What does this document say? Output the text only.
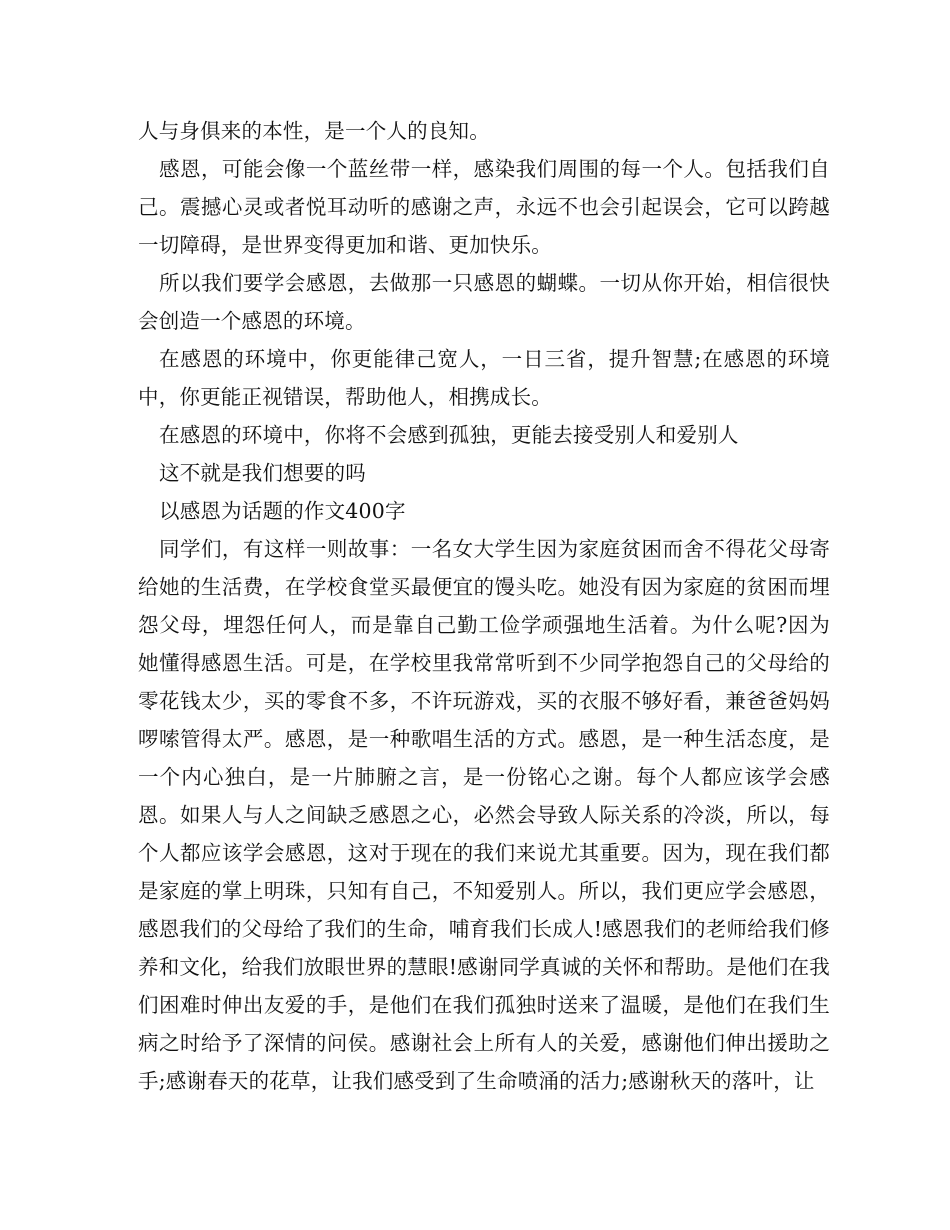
人与身俱来的本性，是一个人的良知。

感恩，可能会像一个蓝丝带一样，感染我们周围的每一个人。包括我们自己。震撼心灵或者悦耳动听的感谢之声，永远不也会引起误会，它可以跨越一切障碍，是世界变得更加和谐、更加快乐。

所以我们要学会感恩，去做那一只感恩的蝴蝶。一切从你开始，相信很快会创造一个感恩的环境。

在感恩的环境中，你更能律己宽人，一日三省，提升智慧;在感恩的环境中，你更能正视错误，帮助他人，相携成长。

在感恩的环境中，你将不会感到孤独，更能去接受别人和爱别人

这不就是我们想要的吗

以感恩为话题的作文400字

同学们，有这样一则故事：一名女大学生因为家庭贫困而舍不得花父母寄给她的生活费，在学校食堂买最便宜的馒头吃。她没有因为家庭的贫困而埋怨父母，埋怨任何人，而是靠自己勤工俭学顽强地生活着。为什么呢?因为她懂得感恩生活。可是，在学校里我常常听到不少同学抱怨自己的父母给的零花钱太少，买的零食不多，不许玩游戏，买的衣服不够好看，兼爸爸妈妈啰嗦管得太严。感恩，是一种歌唱生活的方式。感恩，是一种生活态度，是一个内心独白，是一片肺腑之言，是一份铭心之谢。每个人都应该学会感恩。如果人与人之间缺乏感恩之心，必然会导致人际关系的冷淡，所以，每个人都应该学会感恩，这对于现在的我们来说尤其重要。因为，现在我们都是家庭的掌上明珠，只知有自己，不知爱别人。所以，我们更应学会感恩，感恩我们的父母给了我们的生命，哺育我们长成人!感恩我们的老师给我们修养和文化，给我们放眼世界的慧眼!感谢同学真诚的关怀和帮助。是他们在我们困难时伸出友爱的手，是他们在我们孤独时送来了温暖，是他们在我们生病之时给予了深情的问侯。感谢社会上所有人的关爱，感谢他们伸出援助之手;感谢春天的花草，让我们感受到了生命喷涌的活力;感谢秋天的落叶，让
